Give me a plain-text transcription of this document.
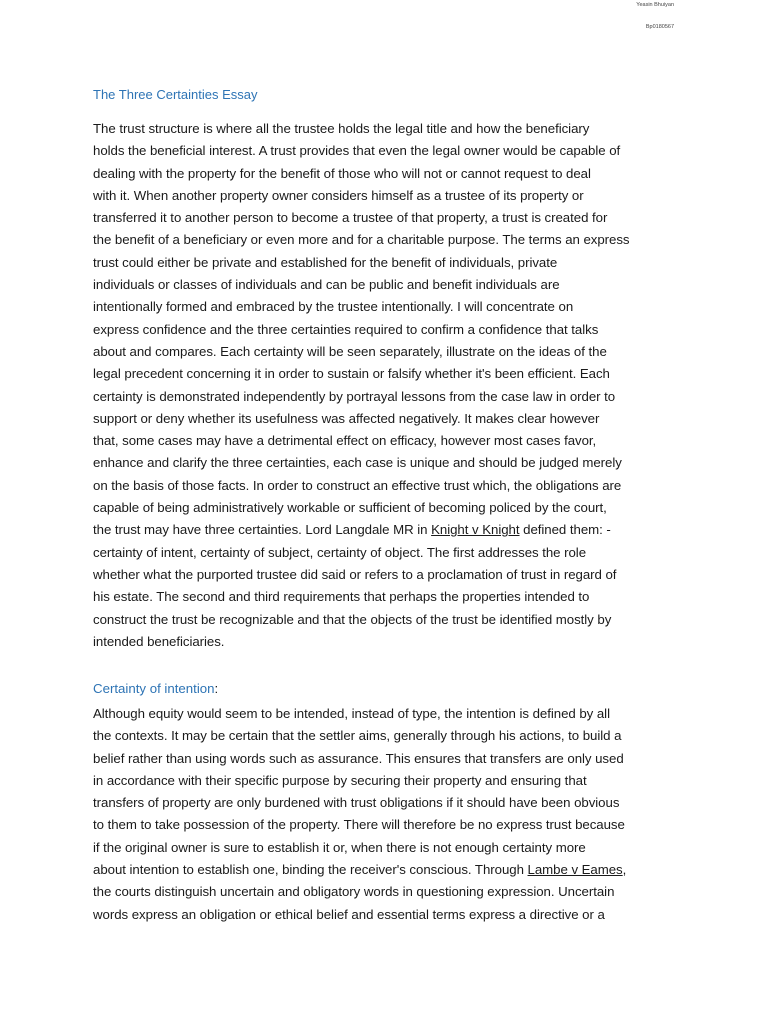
Yeasin Bhuiyan
Bp0180567
The Three Certainties Essay

The trust structure is where all the trustee holds the legal title and how the beneficiary
holds the beneficial interest. A trust provides that even the legal owner would be capable of
dealing with the property for the benefit of those who will not or cannot request to deal
with it. When another property owner considers himself as a trustee of its property or
transferred it to another person to become a trustee of that property, a trust is created for
the benefit of a beneficiary or even more and for a charitable purpose. The terms an express
trust could either be private and established for the benefit of individuals, private
individuals or classes of individuals and can be public and benefit individuals are
intentionally formed and embraced by the trustee intentionally. I will concentrate on
express confidence and the three certainties required to confirm a confidence that talks
about and compares. Each certainty will be seen separately, illustrate on the ideas of the
legal precedent concerning it in order to sustain or falsify whether it's been efficient. Each
certainty is demonstrated independently by portrayal lessons from the case law in order to
support or deny whether its usefulness was affected negatively. It makes clear however
that, some cases may have a detrimental effect on efficacy, however most cases favor,
enhance and clarify the three certainties, each case is unique and should be judged merely
on the basis of those facts. In order to construct an effective trust which, the obligations are
capable of being administratively workable or sufficient of becoming policed by the court,
the trust may have three certainties. Lord Langdale MR in Knight v Knight defined them: -
certainty of intent, certainty of subject, certainty of object. The first addresses the role
whether what the purported trustee did said or refers to a proclamation of trust in regard of
his estate. The second and third requirements that perhaps the properties intended to
construct the trust be recognizable and that the objects of the trust be identified mostly by
intended beneficiaries.

Certainty of intention:

Although equity would seem to be intended, instead of type, the intention is defined by all
the contexts. It may be certain that the settler aims, generally through his actions, to build a
belief rather than using words such as assurance. This ensures that transfers are only used
in accordance with their specific purpose by securing their property and ensuring that
transfers of property are only burdened with trust obligations if it should have been obvious
to them to take possession of the property. There will therefore be no express trust because
if the original owner is sure to establish it or, when there is not enough certainty more
about intention to establish one, binding the receiver's conscious. Through Lambe v Eames,
the courts distinguish uncertain and obligatory words in questioning expression. Uncertain
words express an obligation or ethical belief and essential terms express a directive or a
